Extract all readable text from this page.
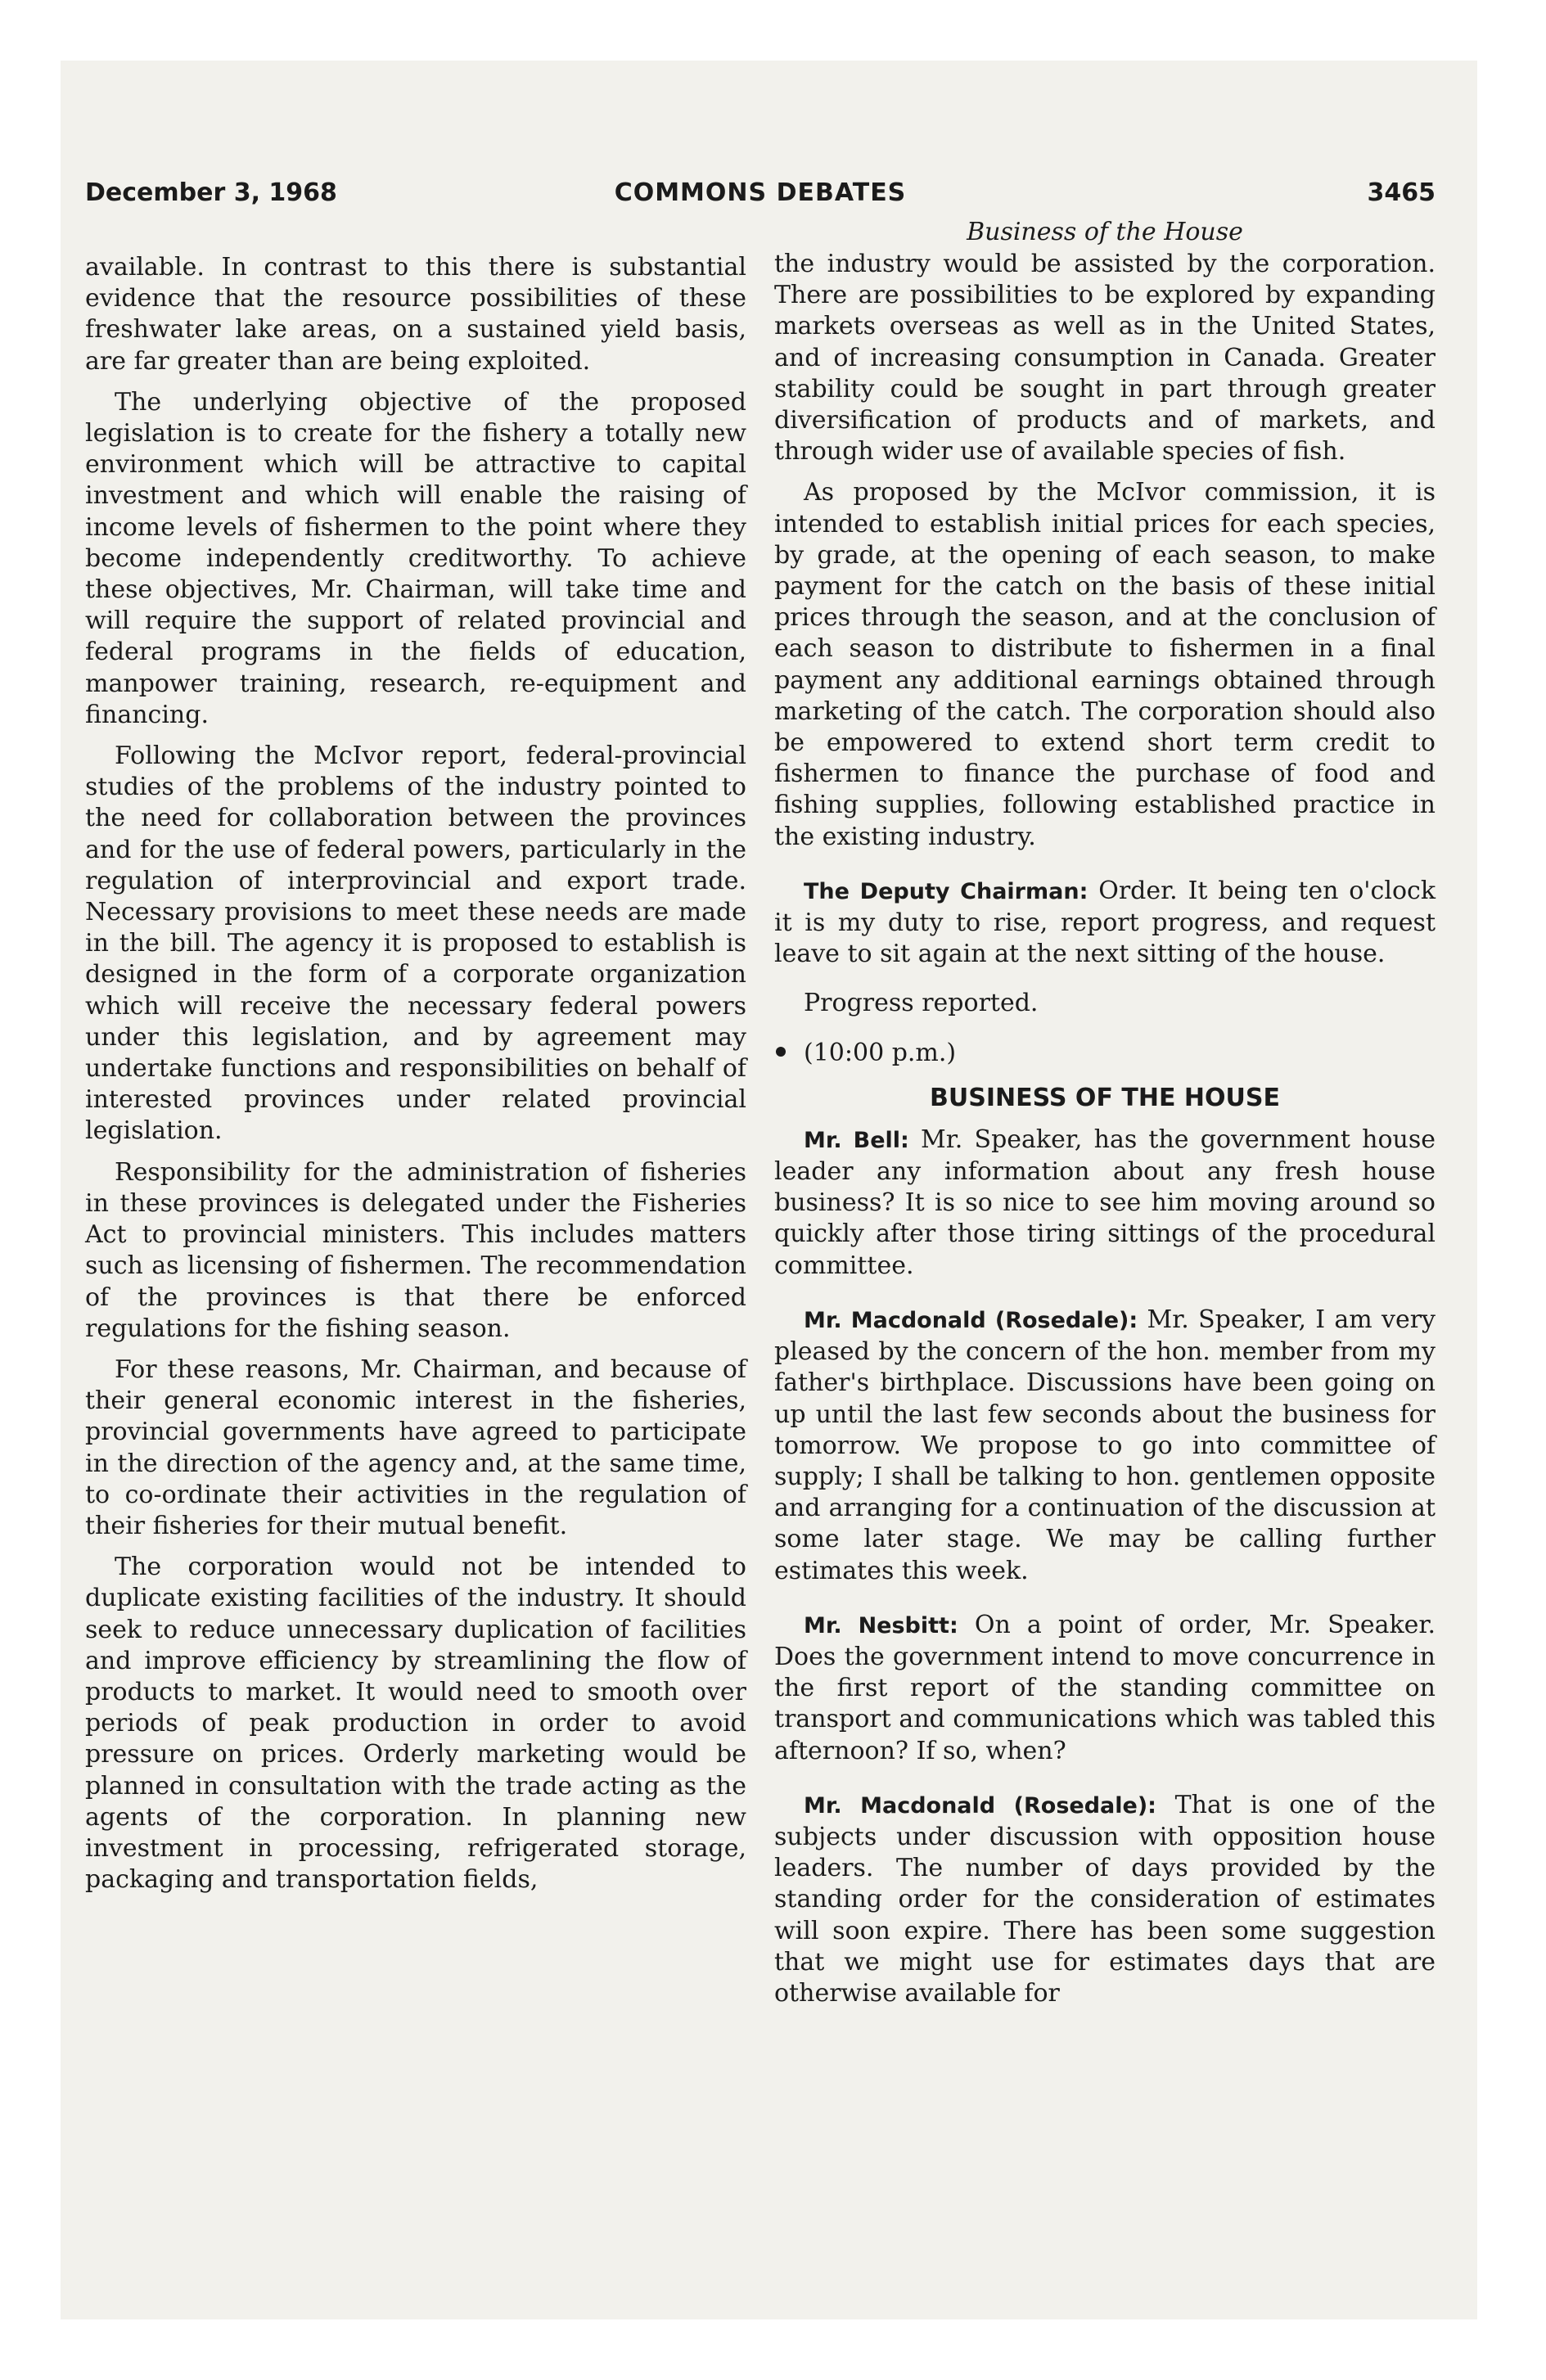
December 3, 1968	COMMONS DEBATES	3465

available. In contrast to this there is substantial evidence that the resource possibilities of these freshwater lake areas, on a sustained yield basis, are far greater than are being exploited.

The underlying objective of the proposed legislation is to create for the fishery a totally new environment which will be attractive to capital investment and which will enable the raising of income levels of fishermen to the point where they become independently creditworthy. To achieve these objectives, Mr. Chairman, will take time and will require the support of related provincial and federal programs in the fields of education, manpower training, research, re-equipment and financing.

Following the McIvor report, federal-provincial studies of the problems of the industry pointed to the need for collaboration between the provinces and for the use of federal powers, particularly in the regulation of interprovincial and export trade. Necessary provisions to meet these needs are made in the bill. The agency it is proposed to establish is designed in the form of a corporate organization which will receive the necessary federal powers under this legislation, and by agreement may undertake functions and responsibilities on behalf of interested provinces under related provincial legislation.

Responsibility for the administration of fisheries in these provinces is delegated under the Fisheries Act to provincial ministers. This includes matters such as licensing of fishermen. The recommendation of the provinces is that there be enforced regulations for the fishing season.

For these reasons, Mr. Chairman, and because of their general economic interest in the fisheries, provincial governments have agreed to participate in the direction of the agency and, at the same time, to co-ordinate their activities in the regulation of their fisheries for their mutual benefit.

The corporation would not be intended to duplicate existing facilities of the industry. It should seek to reduce unnecessary duplication of facilities and improve efficiency by streamlining the flow of products to market. It would need to smooth over periods of peak production in order to avoid pressure on prices. Orderly marketing would be planned in consultation with the trade acting as the agents of the corporation. In planning new investment in processing, refrigerated storage, packaging and transportation fields,

Business of the House

the industry would be assisted by the corporation. There are possibilities to be explored by expanding markets overseas as well as in the United States, and of increasing consumption in Canada. Greater stability could be sought in part through greater diversification of products and of markets, and through wider use of available species of fish.

As proposed by the McIvor commission, it is intended to establish initial prices for each species, by grade, at the opening of each season, to make payment for the catch on the basis of these initial prices through the season, and at the conclusion of each season to distribute to fishermen in a final payment any additional earnings obtained through marketing of the catch. The corporation should also be empowered to extend short term credit to fishermen to finance the purchase of food and fishing supplies, following established practice in the existing industry.

The Deputy Chairman: Order. It being ten o'clock it is my duty to rise, report progress, and request leave to sit again at the next sitting of the house.

Progress reported.

(10:00 p.m.)

BUSINESS OF THE HOUSE

Mr. Bell: Mr. Speaker, has the government house leader any information about any fresh house business? It is so nice to see him moving around so quickly after those tiring sittings of the procedural committee.

Mr. Macdonald (Rosedale): Mr. Speaker, I am very pleased by the concern of the hon. member from my father's birthplace. Discussions have been going on up until the last few seconds about the business for tomorrow. We propose to go into committee of supply; I shall be talking to hon. gentlemen opposite and arranging for a continuation of the discussion at some later stage. We may be calling further estimates this week.

Mr. Nesbitt: On a point of order, Mr. Speaker. Does the government intend to move concurrence in the first report of the standing committee on transport and communications which was tabled this afternoon? If so, when?

Mr. Macdonald (Rosedale): That is one of the subjects under discussion with opposition house leaders. The number of days provided by the standing order for the consideration of estimates will soon expire. There has been some suggestion that we might use for estimates days that are otherwise available for
